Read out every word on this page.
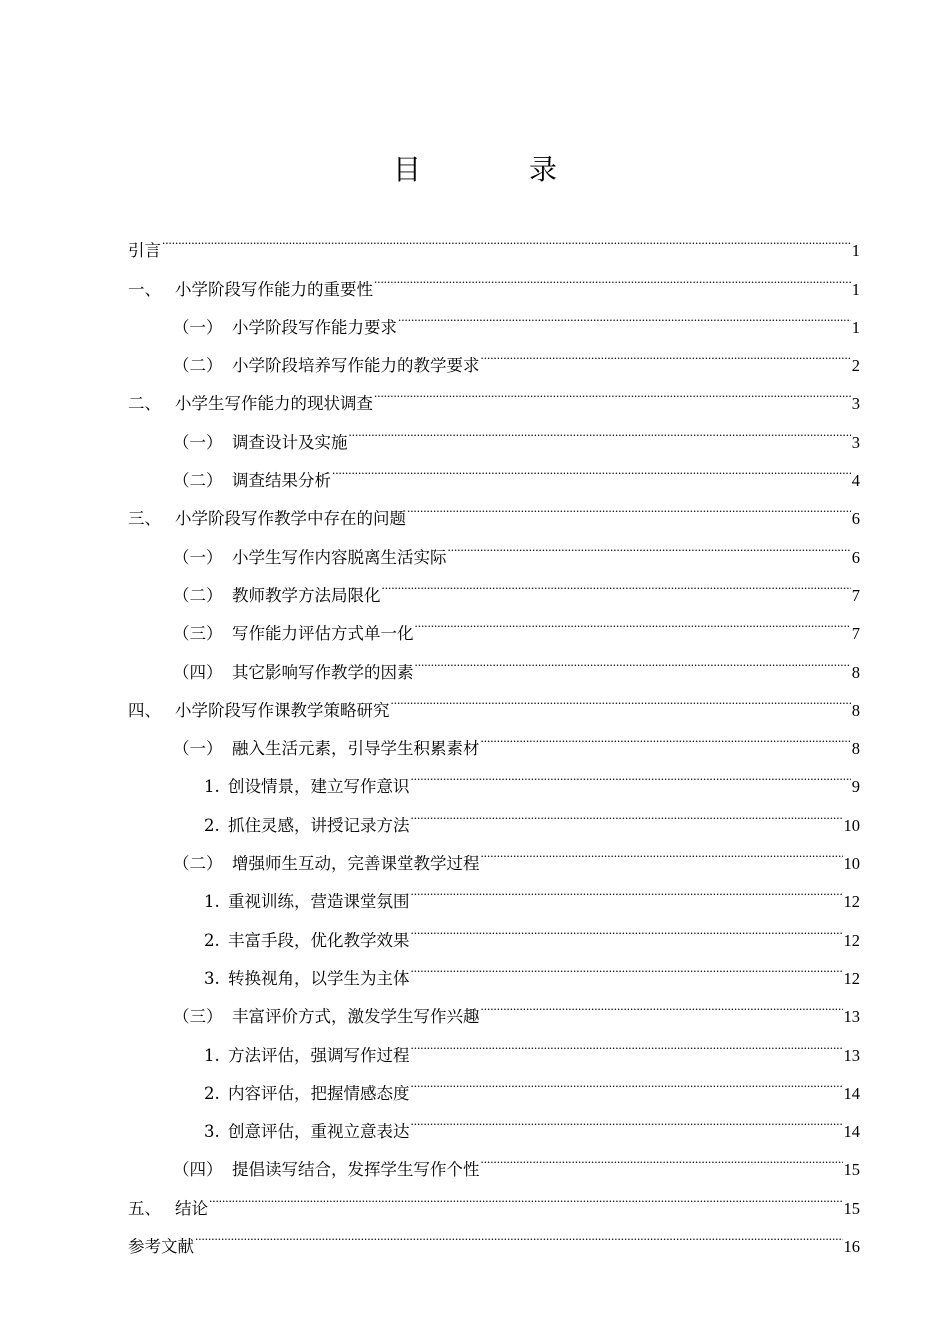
目　录
引言 .....	1
一、 小学阶段写作能力的重要性 .....	1
（一） 小学阶段写作能力要求 .....	1
（二） 小学阶段培养写作能力的教学要求 .....	2
二、 小学生写作能力的现状调查 .....	3
（一） 调查设计及实施 .....	3
（二） 调查结果分析 .....	4
三、 小学阶段写作教学中存在的问题 .....	6
（一） 小学生写作内容脱离生活实际 .....	6
（二） 教师教学方法局限化 .....	7
（三） 写作能力评估方式单一化 .....	7
（四） 其它影响写作教学的因素 .....	8
四、 小学阶段写作课教学策略研究 .....	8
（一） 融入生活元素，引导学生积累素材 .....	8
1. 创设情景，建立写作意识 .....	9
2. 抓住灵感，讲授记录方法 .....	10
（二） 增强师生互动，完善课堂教学过程 .....	10
1. 重视训练，营造课堂氛围 .....	12
2. 丰富手段，优化教学效果 .....	12
3. 转换视角，以学生为主体 .....	12
（三） 丰富评价方式，激发学生写作兴趣 .....	13
1. 方法评估，强调写作过程 .....	13
2. 内容评估，把握情感态度 .....	14
3. 创意评估，重视立意表达 .....	14
（四） 提倡读写结合，发挥学生写作个性 .....	15
五、 结论 .....	15
参考文献 .....	16
